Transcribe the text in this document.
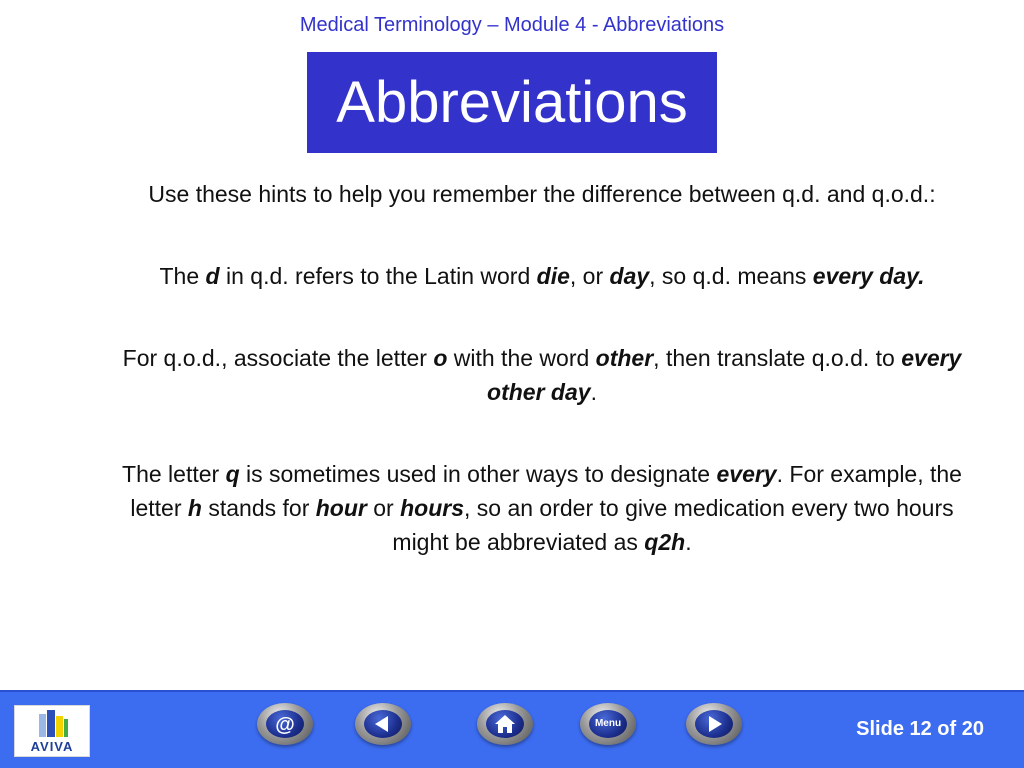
Medical Terminology – Module 4 - Abbreviations
Abbreviations

Use these hints to help you remember the difference between q.d. and q.o.d.:

The d in q.d. refers to the Latin word die, or day, so q.d. means every day.

For q.o.d., associate the letter o with the word other, then translate q.o.d. to every other day.

The letter q is sometimes used in other ways to designate every. For example, the letter h stands for hour or hours, so an order to give medication every two hours might be abbreviated as q2h.

AVIVA
@	Menu	Slide 12 of 20
